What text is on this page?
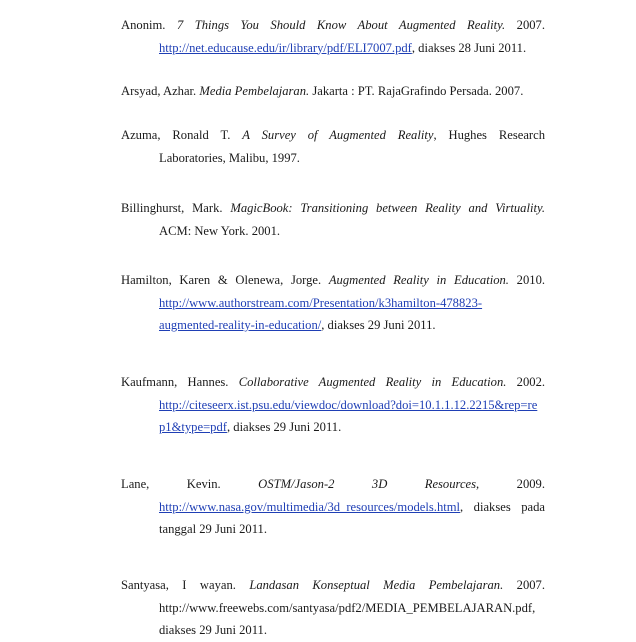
Anonim. 7 Things You Should Know About Augmented Reality. 2007.
http://net.educause.edu/ir/library/pdf/ELI7007.pdf, diakses 28 Juni 2011.
Arsyad, Azhar. Media Pembelajaran. Jakarta : PT. RajaGrafindo Persada. 2007.
Azuma, Ronald T. A Survey of Augmented Reality, Hughes Research
Laboratories, Malibu, 1997.
Billinghurst, Mark. MagicBook: Transitioning between Reality and Virtuality.
ACM: New York. 2001.
Hamilton, Karen & Olenewa, Jorge. Augmented Reality in Education. 2010.
http://www.authorstream.com/Presentation/k3hamilton-478823-
augmented-reality-in-education/, diakses 29 Juni 2011.
Kaufmann, Hannes. Collaborative Augmented Reality in Education. 2002.
http://citeseerx.ist.psu.edu/viewdoc/download?doi=10.1.1.12.2215&rep=re
p1&type=pdf, diakses 29 Juni 2011.
Lane,	Kevin.	OSTM/Jason-2	3D	Resources,	2009.
http://www.nasa.gov/multimedia/3d_resources/models.html, diakses pada
tanggal 29 Juni 2011.
Santyasa, I wayan. Landasan Konseptual Media Pembelajaran. 2007.
http://www.freewebs.com/santyasa/pdf2/MEDIA_PEMBELAJARAN.pdf,
diakses 29 Juni 2011.
